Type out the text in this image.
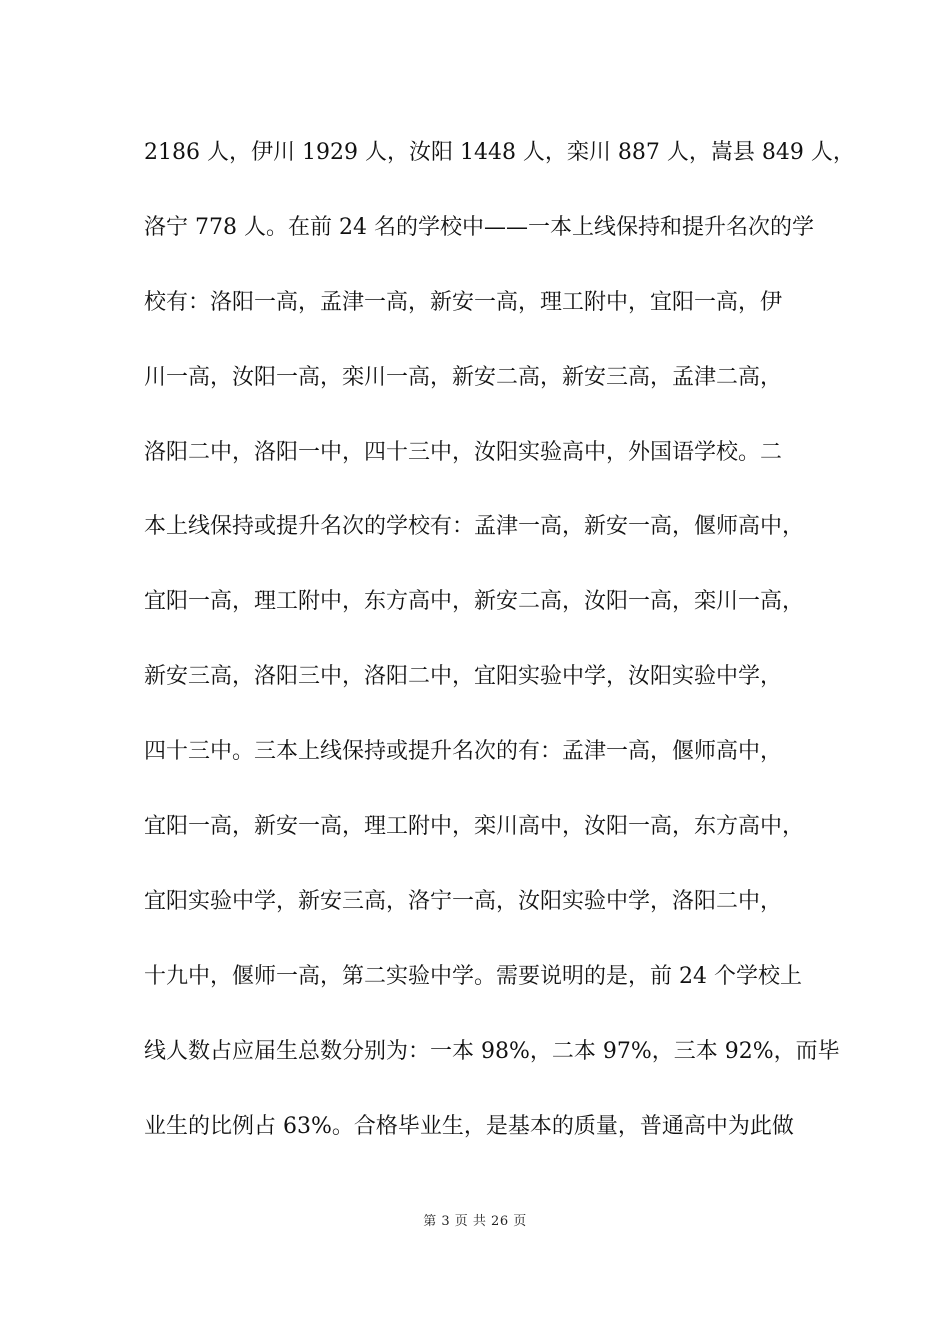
2186 人，伊川 1929 人，汝阳 1448 人，栾川 887 人，嵩县 849 人，
洛宁 778 人。在前 24 名的学校中——一本上线保持和提升名次的学
校有：洛阳一高，孟津一高，新安一高，理工附中，宜阳一高，伊
川一高，汝阳一高，栾川一高，新安二高，新安三高，孟津二高，
洛阳二中，洛阳一中，四十三中，汝阳实验高中，外国语学校。二
本上线保持或提升名次的学校有：孟津一高，新安一高，偃师高中，
宜阳一高，理工附中，东方高中，新安二高，汝阳一高，栾川一高，
新安三高，洛阳三中，洛阳二中，宜阳实验中学，汝阳实验中学，
四十三中。三本上线保持或提升名次的有：孟津一高，偃师高中，
宜阳一高，新安一高，理工附中，栾川高中，汝阳一高，东方高中，
宜阳实验中学，新安三高，洛宁一高，汝阳实验中学，洛阳二中，
十九中，偃师一高，第二实验中学。需要说明的是，前 24 个学校上
线人数占应届生总数分别为：一本 98%，二本 97%，三本 92%，而毕
业生的比例占 63%。合格毕业生，是基本的质量，普通高中为此做
第 3 页 共 26 页
